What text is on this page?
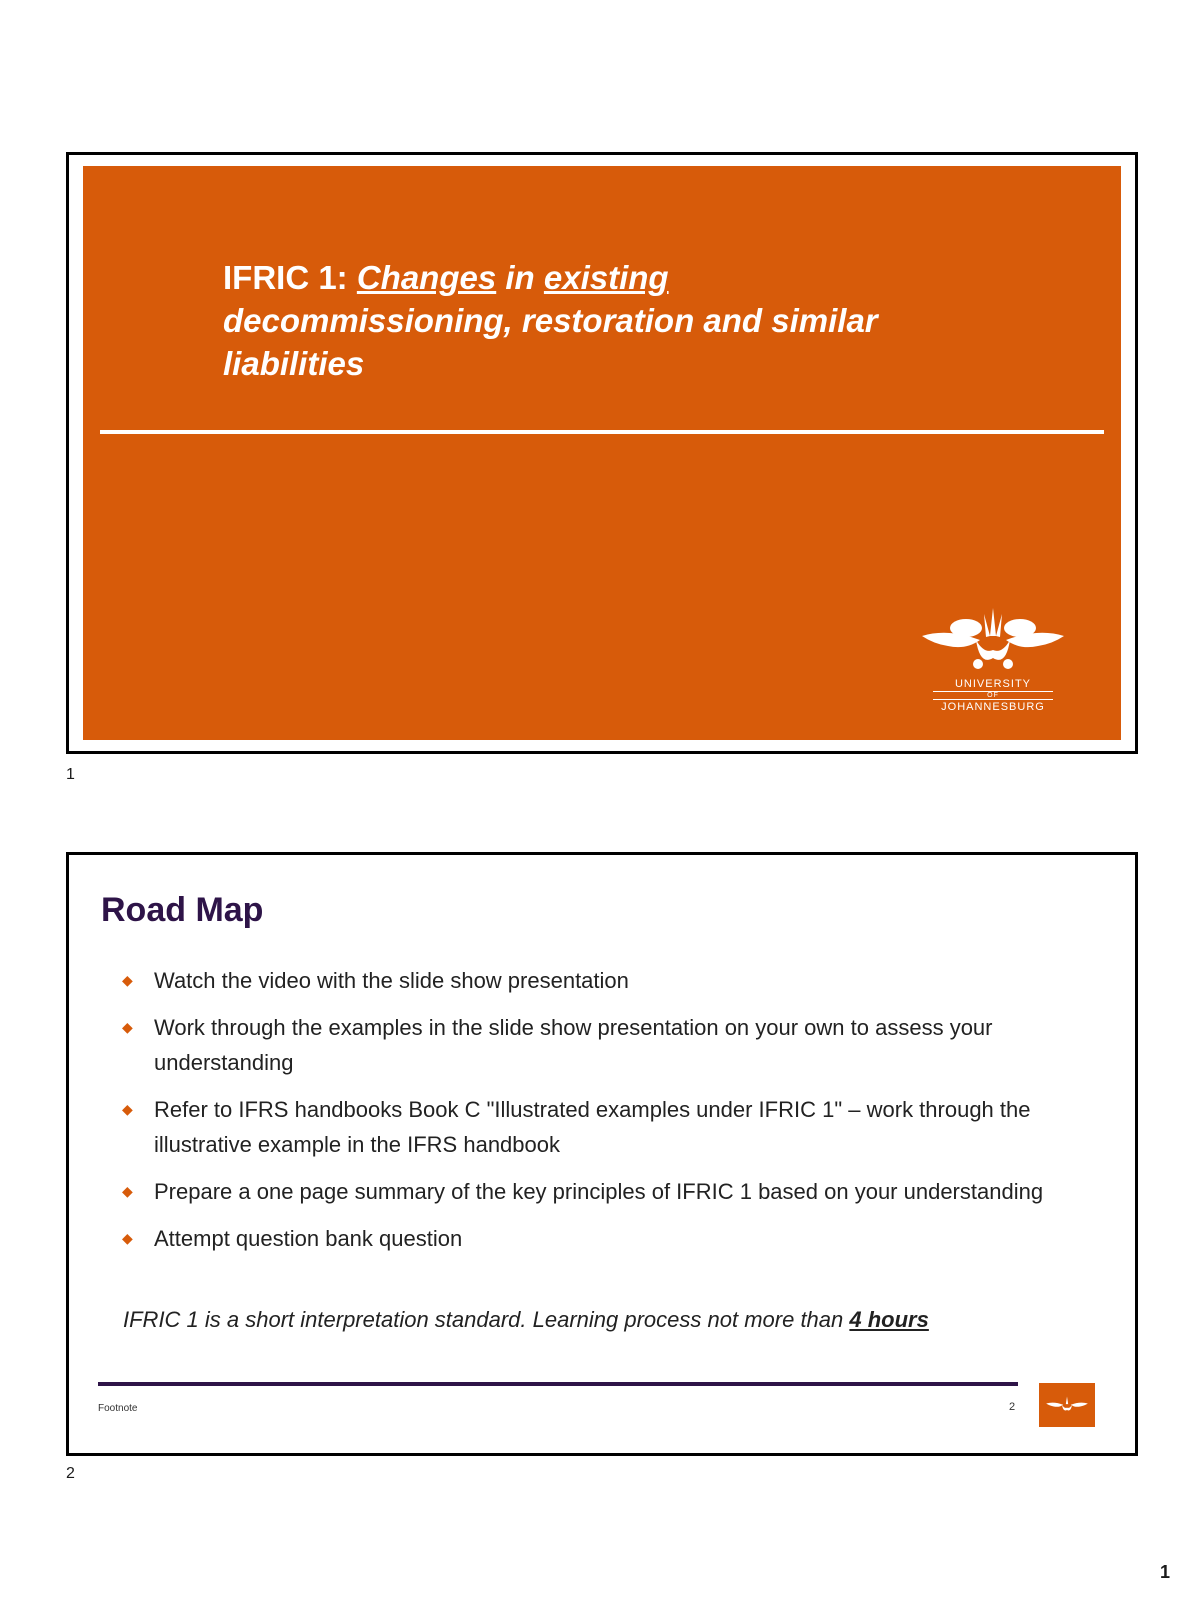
IFRIC 1: Changes in existing
decommissioning, restoration and similar
liabilities
UNIVERSITY
OF
JOHANNESBURG
1
Road Map
◆ Watch the video with the slide show presentation
◆ Work through the examples in the slide show presentation on your own to assess your understanding
◆ Refer to IFRS handbooks Book C "Illustrated examples under IFRIC 1" – work through the illustrative example in the IFRS handbook
◆ Prepare a one page summary of the key principles of IFRIC 1 based on your understanding
◆ Attempt question bank question
IFRIC 1 is a short interpretation standard. Learning process not more than 4 hours
Footnote	2
2
1
